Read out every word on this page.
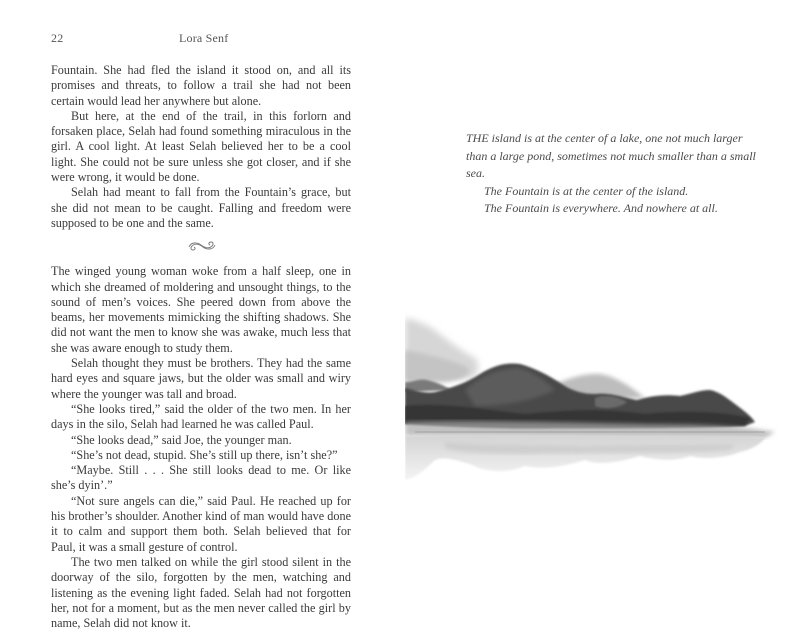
22	Lora Senf

Fountain. She had fled the island it stood on, and all its promises and threats, to follow a trail she had not been certain would lead her anywhere but alone.

But here, at the end of the trail, in this forlorn and forsaken place, Selah had found something miraculous in the girl. A cool light. At least Selah believed her to be a cool light. She could not be sure unless she got closer, and if she were wrong, it would be done.

Selah had meant to fall from the Fountain’s grace, but she did not mean to be caught. Falling and freedom were supposed to be one and the same.

The winged young woman woke from a half sleep, one in which she dreamed of moldering and unsought things, to the sound of men’s voices. She peered down from above the beams, her movements mimicking the shifting shadows. She did not want the men to know she was awake, much less that she was aware enough to study them.

Selah thought they must be brothers. They had the same hard eyes and square jaws, but the older was small and wiry where the younger was tall and broad.

“She looks tired,” said the older of the two men. In her days in the silo, Selah had learned he was called Paul.

“She looks dead,” said Joe, the younger man.

“She’s not dead, stupid. She’s still up there, isn’t she?”

“Maybe. Still . . . She still looks dead to me. Or like she’s dyin’.”

“Not sure angels can die,” said Paul. He reached up for his brother’s shoulder. Another kind of man would have done it to calm and support them both. Selah believed that for Paul, it was a small gesture of control.

The two men talked on while the girl stood silent in the doorway of the silo, forgotten by the men, watching and listening as the evening light faded. Selah had not forgotten her, not for a moment, but as the men never called the girl by name, Selah did not know it.

THE island is at the center of a lake, one not much larger than a large pond, sometimes not much smaller than a small sea.

The Fountain is at the center of the island.

The Fountain is everywhere. And nowhere at all.
